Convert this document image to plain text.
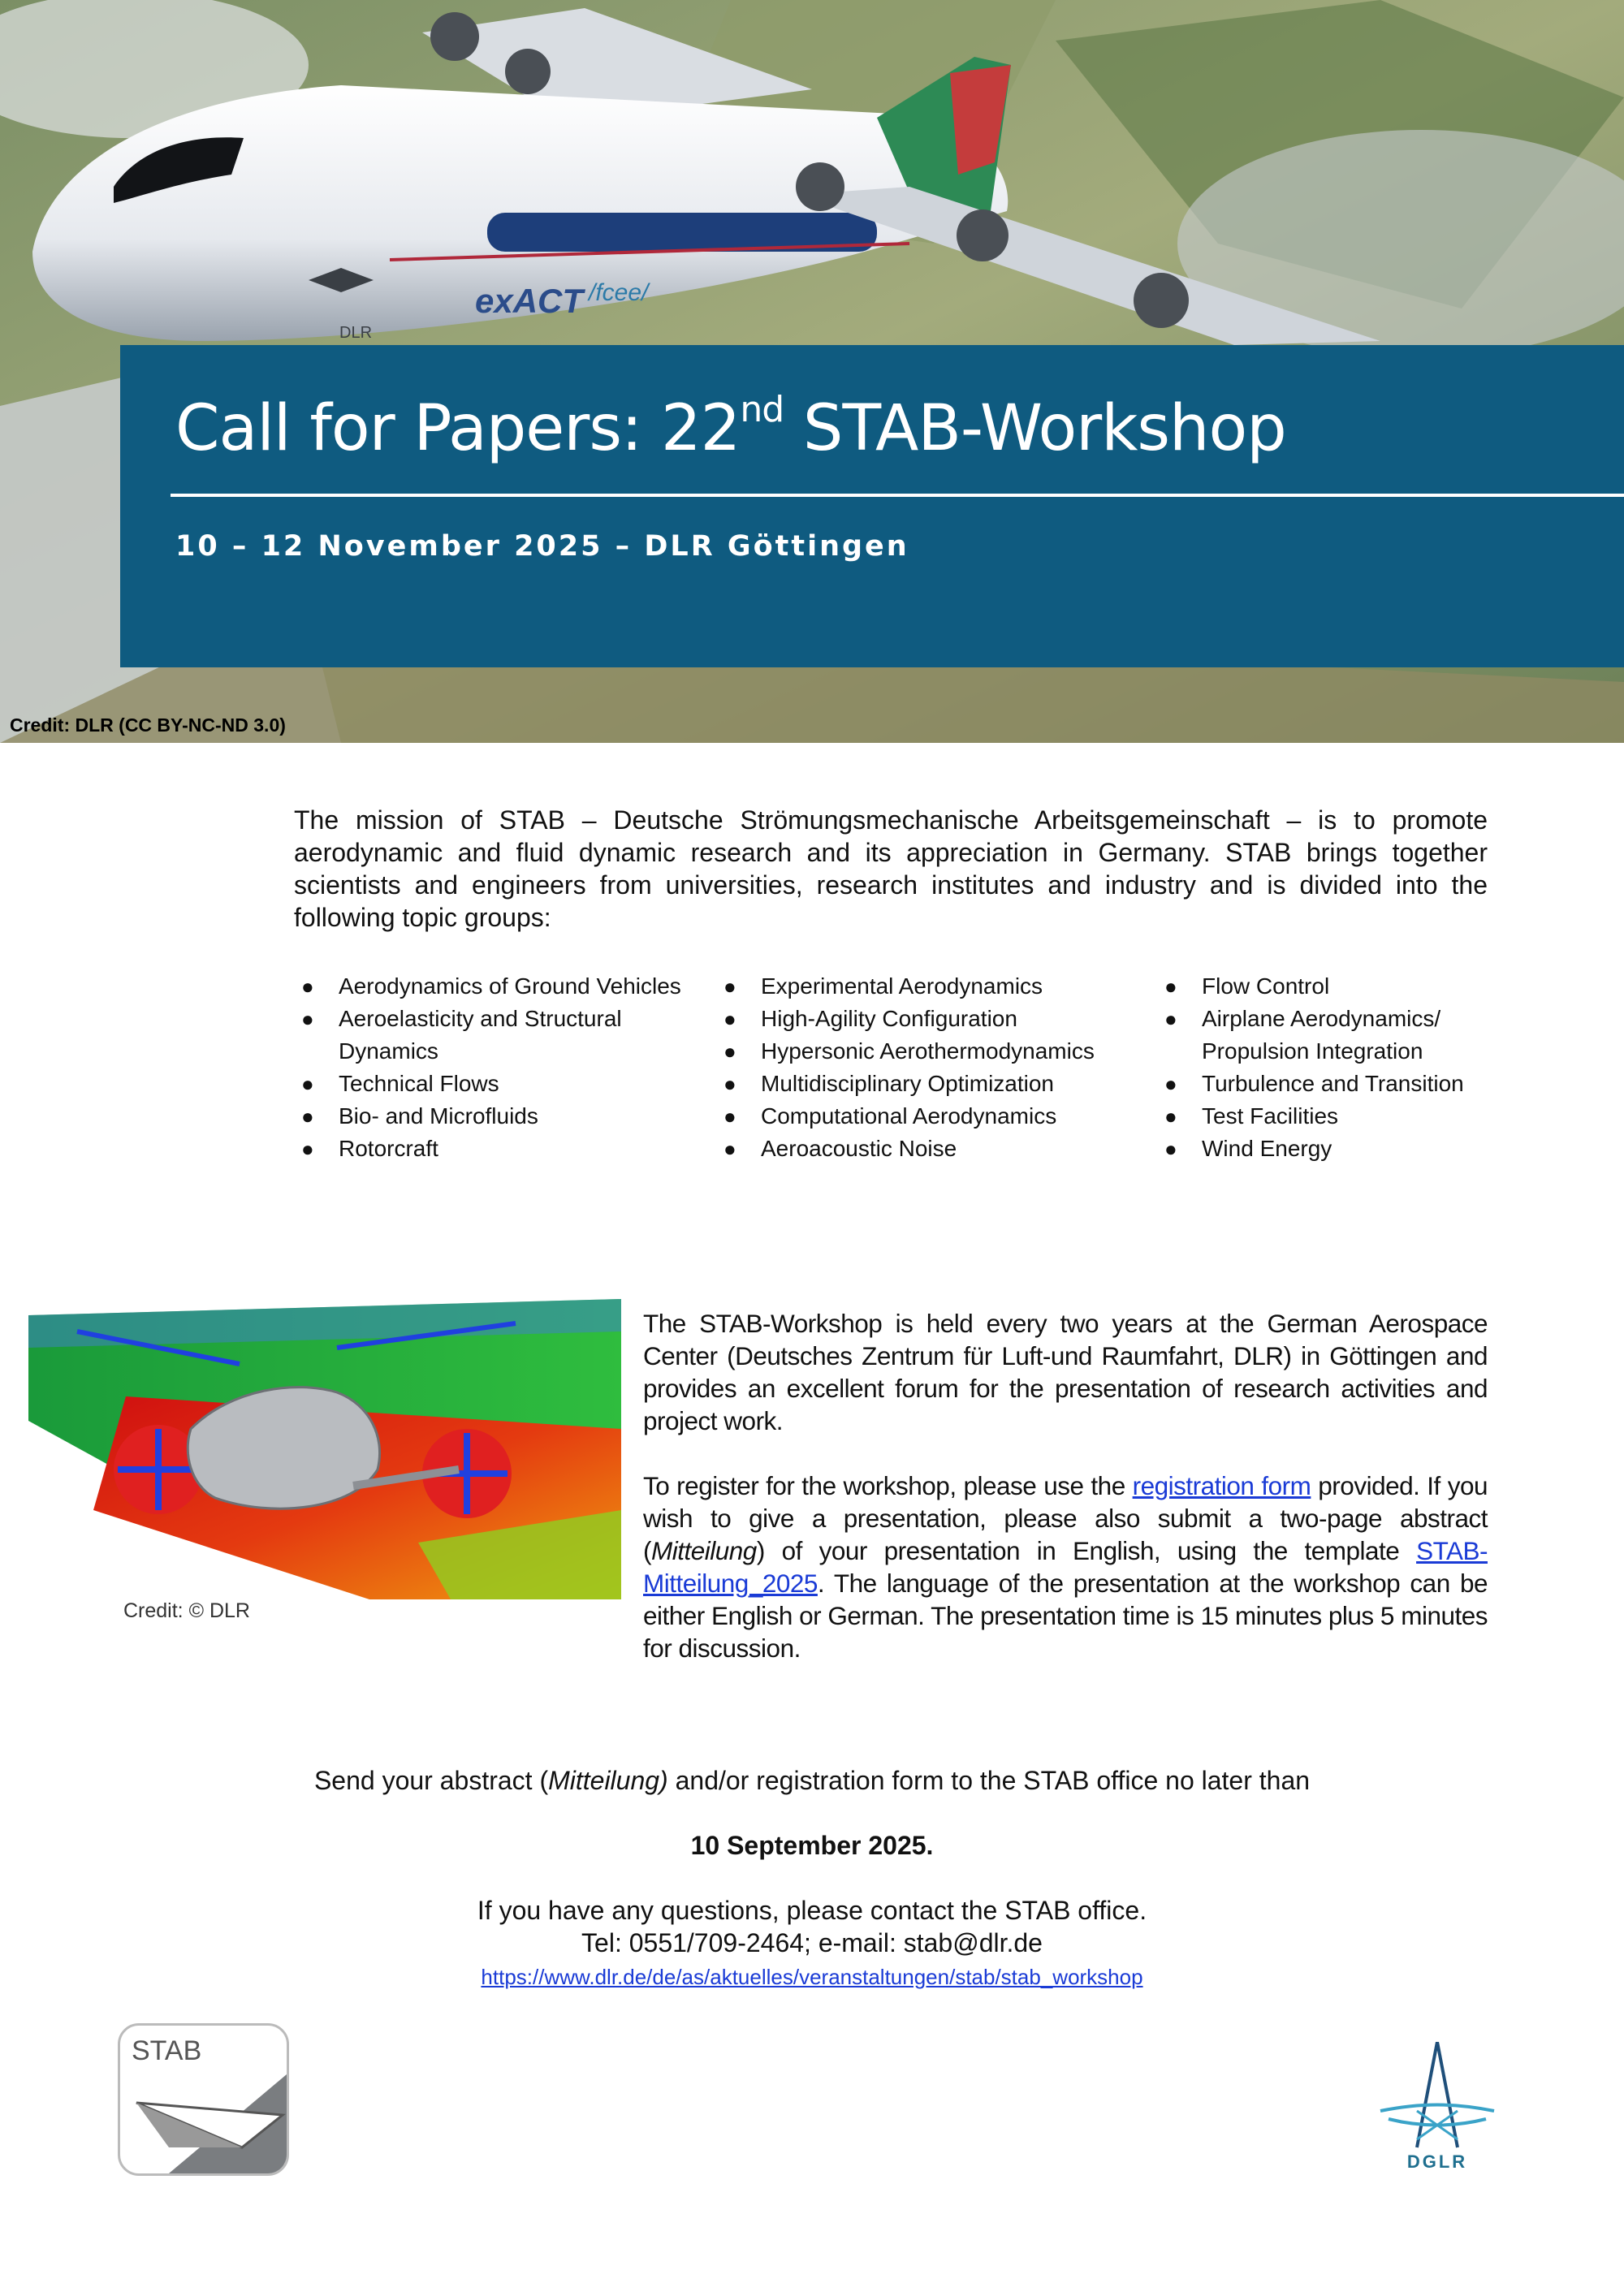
DLR
exACT /fcee/
Call for Papers: 22nd STAB-Workshop
10 – 12 November 2025 – DLR Göttingen
Credit: DLR (CC BY-NC-ND 3.0)
The mission of STAB – Deutsche Strömungsmechanische Arbeitsgemeinschaft – is to promote aerodynamic and fluid dynamic research and its appreciation in Germany. STAB brings together scientists and engineers from universities, research institutes and industry and is divided into the following topic groups:
● Aerodynamics of Ground Vehicles
● Aeroelasticity and Structural Dynamics
● Technical Flows
● Bio- and Microfluids
● Rotorcraft
● Experimental Aerodynamics
● High-Agility Configuration
● Hypersonic Aerothermodynamics
● Multidisciplinary Optimization
● Computational Aerodynamics
● Aeroacoustic Noise
● Flow Control
● Airplane Aerodynamics/ Propulsion Integration
● Turbulence and Transition
● Test Facilities
● Wind Energy
Credit: © DLR

The STAB-Workshop is held every two years at the German Aerospace Center (Deutsches Zentrum für Luft-und Raumfahrt, DLR) in Göttingen and provides an excellent forum for the presentation of research activities and project work.

To register for the workshop, please use the registration form provided. If you wish to give a presentation, please also submit a two-page abstract (Mitteilung) of your presentation in English, using the template STAB-Mitteilung_2025. The language of the presentation at the workshop can be either English or German. The presentation time is 15 minutes plus 5 minutes for discussion.

Send your abstract (Mitteilung) and/or registration form to the STAB office no later than
10 September 2025.
If you have any questions, please contact the STAB office.
Tel: 0551/709-2464; e-mail: stab@dlr.de
https://www.dlr.de/de/as/aktuelles/veranstaltungen/stab/stab_workshop
STAB
DGLR
